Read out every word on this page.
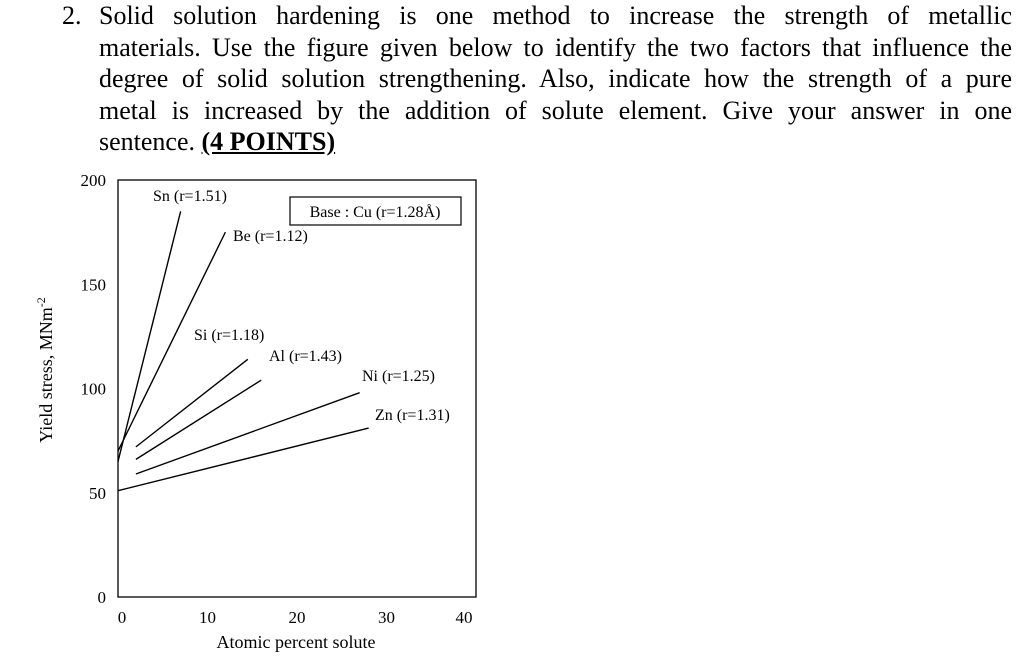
2. Solid solution hardening is one method to increase the strength of metallic
materials. Use the figure given below to identify the two factors that influence the
degree of solid solution strengthening. Also, indicate how the strength of a pure
metal is increased by the addition of solute element. Give your answer in one
sentence. (4 POINTS)
0
50
100
150
200
0	10	20	30	40
Atomic percent solute
Yield stress, MNm$^{-2}$
Base : Cu (r=1.28Å)
Sn (r=1.51)
Be (r=1.12)
Si (r=1.18)
Al (r=1.43)
Ni (r=1.25)
Zn (r=1.31)
